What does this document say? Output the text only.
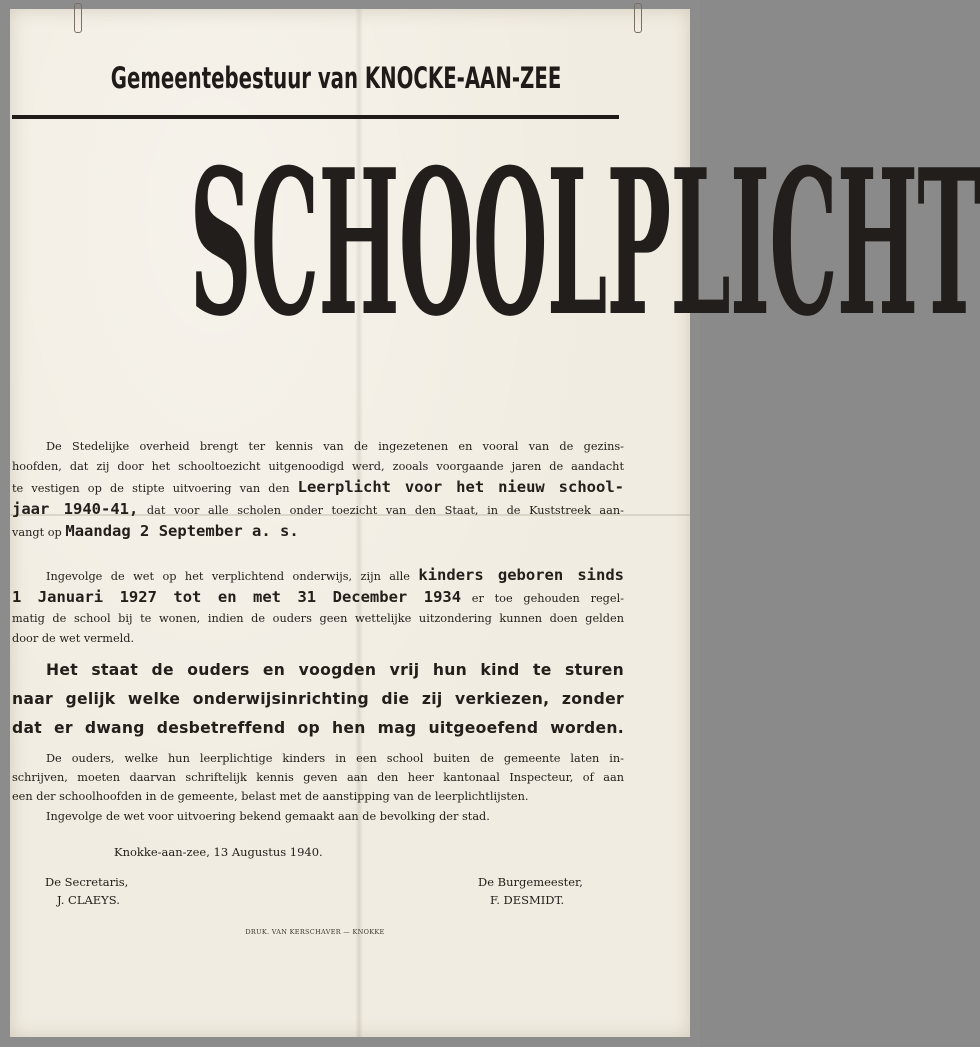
Gemeentebestuur van KNOCKE-AAN-ZEE
SCHOOLPLICHT
De Stedelijke overheid brengt ter kennis van de ingezetenen en vooral van de gezins-
hoofden, dat zij door het schooltoezicht uitgenoodigd werd, zooals voorgaande jaren de aandacht
te vestigen op de stipte uitvoering van den Leerplicht voor het nieuw school-
jaar 1940-41, dat voor alle scholen onder toezicht van den Staat, in de Kuststreek aan-
vangt op Maandag 2 September a. s.
Ingevolge de wet op het verplichtend onderwijs, zijn alle kinders geboren sinds
1 Januari 1927 tot en met 31 December 1934 er toe gehouden regel-
matig de school bij te wonen, indien de ouders geen wettelijke uitzondering kunnen doen gelden
door de wet vermeld.
Het staat de ouders en voogden vrij hun kind te sturen
naar gelijk welke onderwijsinrichting die zij verkiezen, zonder
dat er dwang desbetreffend op hen mag uitgeoefend worden.
De ouders, welke hun leerplichtige kinders in een school buiten de gemeente laten in-
schrijven, moeten daarvan schriftelijk kennis geven aan den heer kantonaal Inspecteur, of aan
een der schoolhoofden in de gemeente, belast met de aanstipping van de leerplichtlijsten.
Ingevolge de wet voor uitvoering bekend gemaakt aan de bevolking der stad.
Knokke-aan-zee, 13 Augustus 1940.
De Secretaris,
J. CLAEYS.
De Burgemeester,
F. DESMIDT.
DRUK. VAN KERSCHAVER — KNOKKE
